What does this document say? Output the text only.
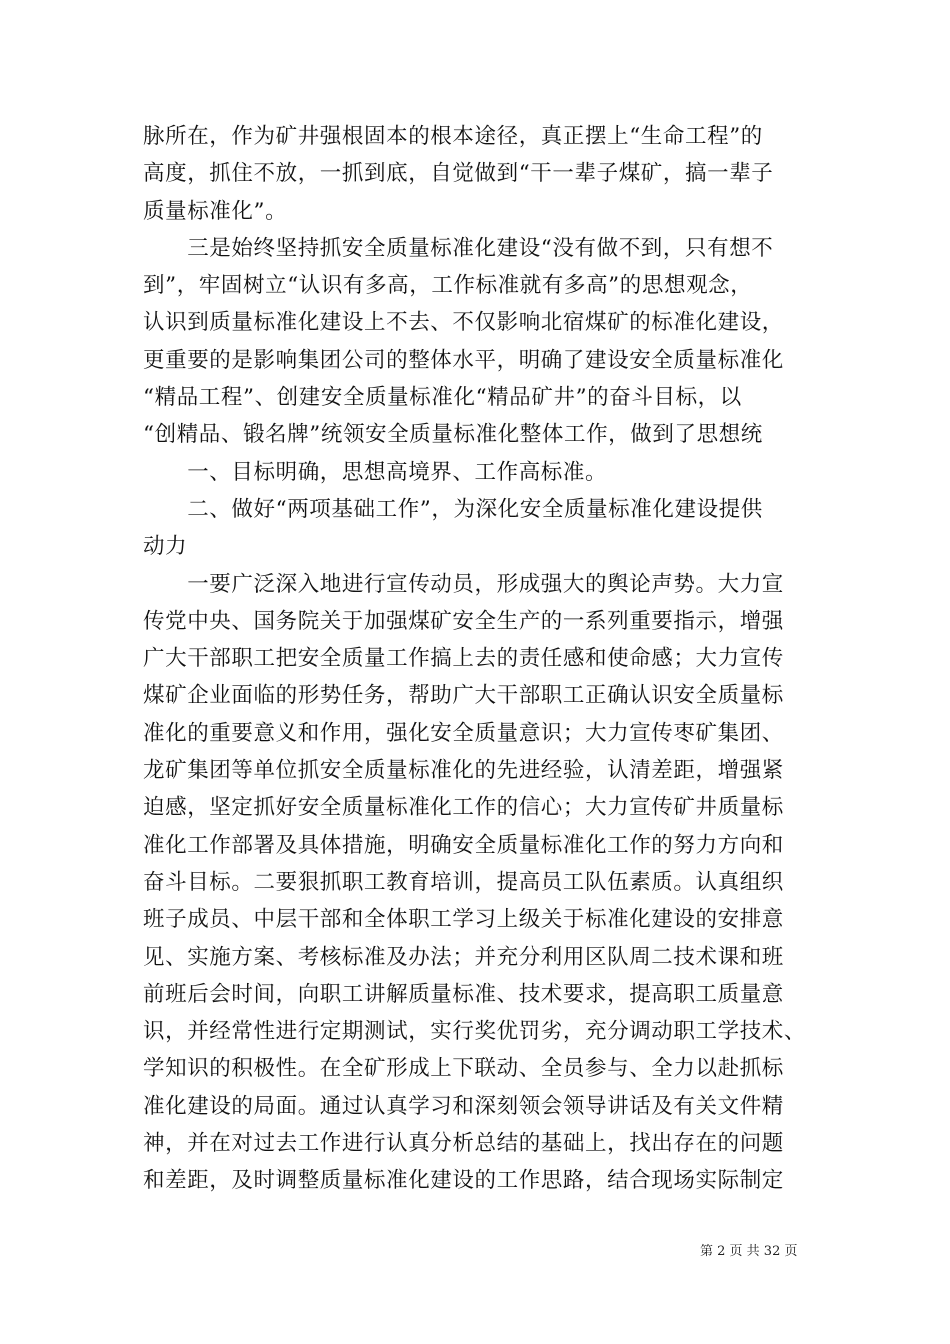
脉所在，作为矿井强根固本的根本途径，真正摆上“生命工程”的
高度，抓住不放，一抓到底，自觉做到“干一辈子煤矿，搞一辈子
质量标准化”。
　　三是始终坚持抓安全质量标准化建设“没有做不到，只有想不
到”，牢固树立“认识有多高，工作标准就有多高”的思想观念，
认识到质量标准化建设上不去、不仅影响北宿煤矿的标准化建设，
更重要的是影响集团公司的整体水平，明确了建设安全质量标准化
“精品工程”、创建安全质量标准化“精品矿井”的奋斗目标，以
“创精品、锻名牌”统领安全质量标准化整体工作，做到了思想统
　　一、目标明确，思想高境界、工作高标准。
　　二、做好“两项基础工作”，为深化安全质量标准化建设提供
动力
　　一要广泛深入地进行宣传动员，形成强大的舆论声势。大力宣
传党中央、国务院关于加强煤矿安全生产的一系列重要指示，增强
广大干部职工把安全质量工作搞上去的责任感和使命感；大力宣传
煤矿企业面临的形势任务，帮助广大干部职工正确认识安全质量标
准化的重要意义和作用，强化安全质量意识；大力宣传枣矿集团、
龙矿集团等单位抓安全质量标准化的先进经验，认清差距，增强紧
迫感，坚定抓好安全质量标准化工作的信心；大力宣传矿井质量标
准化工作部署及具体措施，明确安全质量标准化工作的努力方向和
奋斗目标。二要狠抓职工教育培训，提高员工队伍素质。认真组织
班子成员、中层干部和全体职工学习上级关于标准化建设的安排意
见、实施方案、考核标准及办法；并充分利用区队周二技术课和班
前班后会时间，向职工讲解质量标准、技术要求，提高职工质量意
识，并经常性进行定期测试，实行奖优罚劣，充分调动职工学技术、
学知识的积极性。在全矿形成上下联动、全员参与、全力以赴抓标
准化建设的局面。通过认真学习和深刻领会领导讲话及有关文件精
神，并在对过去工作进行认真分析总结的基础上，找出存在的问题
和差距，及时调整质量标准化建设的工作思路，结合现场实际制定
第 2 页 共 32 页
